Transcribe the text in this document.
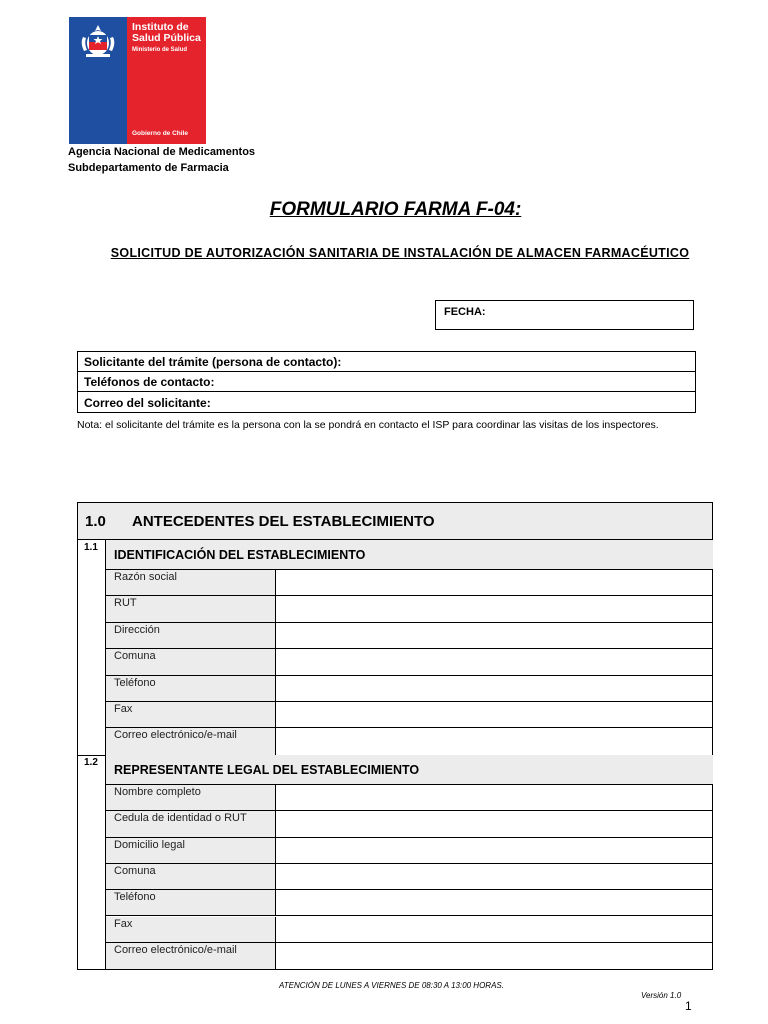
Instituto de
Salud Pública
Ministerio de Salud
Gobierno de Chile
Agencia Nacional de Medicamentos
Subdepartamento de Farmacia
FORMULARIO FARMA F-04:
SOLICITUD DE AUTORIZACIÓN SANITARIA DE INSTALACIÓN DE ALMACEN FARMACÉUTICO
FECHA:
Solicitante del trámite (persona de contacto):
Teléfonos de contacto:
Correo del solicitante:
Nota: el solicitante del trámite es la persona con la se pondrá en contacto el ISP para coordinar las visitas de los inspectores.
1.0 ANTECEDENTES DEL ESTABLECIMIENTO
1.1
IDENTIFICACIÓN DEL ESTABLECIMIENTO
Razón social
RUT
Dirección
Comuna
Teléfono
Fax
Correo electrónico/e-mail
1.2
REPRESENTANTE LEGAL DEL ESTABLECIMIENTO
Nombre completo
Cedula de identidad o RUT
Domicilio legal
Comuna
Teléfono
Fax
Correo electrónico/e-mail
ATENCIÓN DE LUNES A VIERNES DE 08:30 A 13:00 HORAS.
Versión 1.0
1
